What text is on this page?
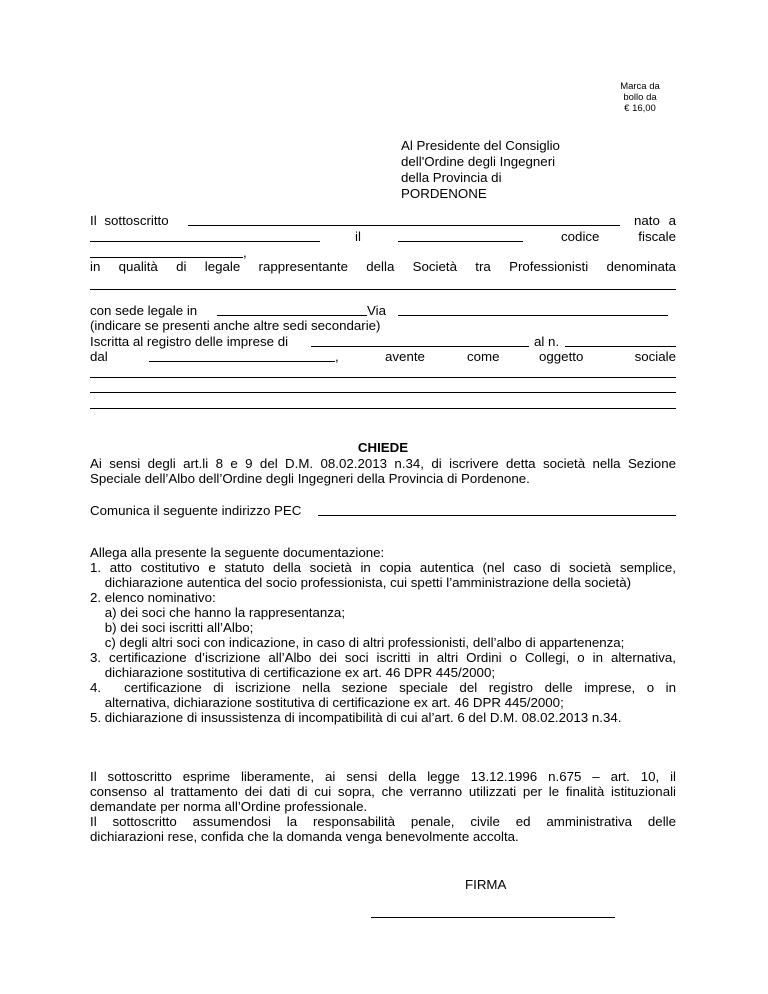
Marca da
bollo da
€ 16,00
Al Presidente del Consiglio
dell'Ordine degli Ingegneri
della Provincia di
PORDENONE
Il sottoscritto	nato a
il	codice	fiscale
,
in qualità di legale rappresentante della Società tra Professionisti denominata
con sede legale in	Via
(indicare se presenti anche altre sedi secondarie)
Iscritta al registro delle imprese di	al n.
dal	,	avente	come	oggetto	sociale
CHIEDE
Ai sensi degli art.li 8 e 9 del D.M. 08.02.2013 n.34, di iscrivere detta società nella Sezione
Speciale dell’Albo dell’Ordine degli Ingegneri della Provincia di Pordenone.
Comunica il seguente indirizzo PEC
Allega alla presente la seguente documentazione:
1. atto costitutivo e statuto della società in copia autentica (nel caso di società semplice,
dichiarazione autentica del socio professionista, cui spetti l’amministrazione della società)
2. elenco nominativo:
a) dei soci che hanno la rappresentanza;
b) dei soci iscritti all’Albo;
c) degli altri soci con indicazione, in caso di altri professionisti, dell’albo di appartenenza;
3. certificazione d’iscrizione all’Albo dei soci iscritti in altri Ordini o Collegi, o in alternativa,
dichiarazione sostitutiva di certificazione ex art. 46 DPR 445/2000;
4.  certificazione di iscrizione nella sezione speciale del registro delle imprese, o in
alternativa, dichiarazione sostitutiva di certificazione ex art. 46 DPR 445/2000;
5. dichiarazione di insussistenza di incompatibilità di cui al’art. 6 del D.M. 08.02.2013 n.34.
Il sottoscritto esprime liberamente, ai sensi della legge 13.12.1996 n.675 – art. 10, il
consenso al trattamento dei dati di cui sopra, che verranno utilizzati per le finalità istituzionali
demandate per norma all’Ordine professionale.
Il sottoscritto assumendosi la responsabilità penale, civile ed amministrativa delle
dichiarazioni rese, confida che la domanda venga benevolmente accolta.
FIRMA
